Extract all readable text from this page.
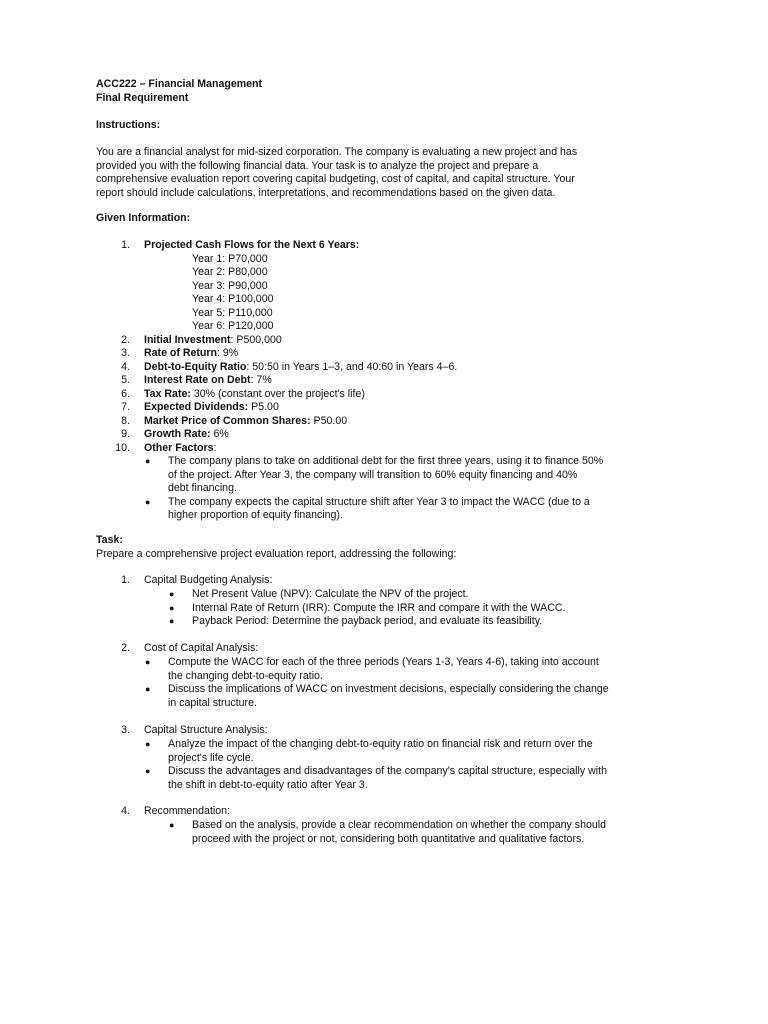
ACC222 – Financial Management
Final Requirement
Instructions:
You are a financial analyst for mid-sized corporation. The company is evaluating a new project and has
provided you with the following financial data. Your task is to analyze the project and prepare a
comprehensive evaluation report covering capital budgeting, cost of capital, and capital structure. Your
report should include calculations, interpretations, and recommendations based on the given data.
Given Information:
1. Projected Cash Flows for the Next 6 Years:
Year 1: P70,000
Year 2: P80,000
Year 3: P90,000
Year 4: P100,000
Year 5: P110,000
Year 6: P120,000
2. Initial Investment: P500,000
3. Rate of Return: 9%
4. Debt-to-Equity Ratio: 50:50 in Years 1–3, and 40:60 in Years 4–6.
5. Interest Rate on Debt: 7%
6. Tax Rate: 30% (constant over the project's life)
7. Expected Dividends: P5.00
8. Market Price of Common Shares: P50.00
9. Growth Rate: 6%
10. Other Factors:
● The company plans to take on additional debt for the first three years, using it to finance 50%
of the project. After Year 3, the company will transition to 60% equity financing and 40%
debt financing.
● The company expects the capital structure shift after Year 3 to impact the WACC (due to a
higher proportion of equity financing).
Task:
Prepare a comprehensive project evaluation report, addressing the following:
1. Capital Budgeting Analysis:
● Net Present Value (NPV): Calculate the NPV of the project.
● Internal Rate of Return (IRR): Compute the IRR and compare it with the WACC.
● Payback Period: Determine the payback period, and evaluate its feasibility.
2. Cost of Capital Analysis:
● Compute the WACC for each of the three periods (Years 1-3, Years 4-6), taking into account
the changing debt-to-equity ratio.
● Discuss the implications of WACC on investment decisions, especially considering the change
in capital structure.
3. Capital Structure Analysis:
● Analyze the impact of the changing debt-to-equity ratio on financial risk and return over the
project's life cycle.
● Discuss the advantages and disadvantages of the company's capital structure, especially with
the shift in debt-to-equity ratio after Year 3.
4. Recommendation:
● Based on the analysis, provide a clear recommendation on whether the company should
proceed with the project or not, considering both quantitative and qualitative factors.
